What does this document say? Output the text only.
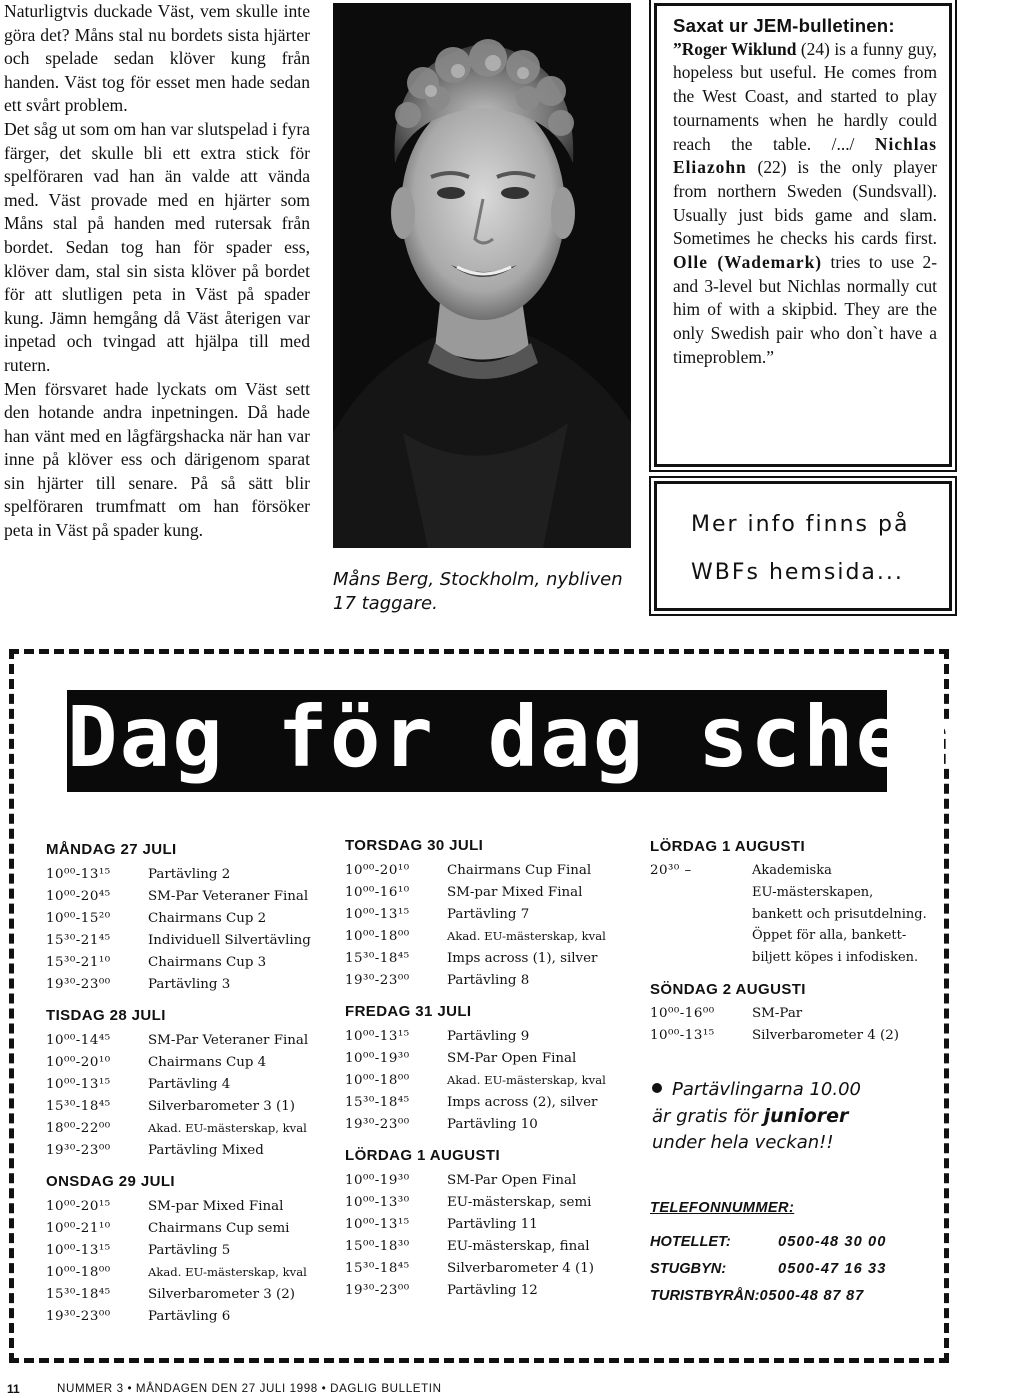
Naturligtvis duckade Väst, vem skulle inte göra det? Måns stal nu bordets sista hjärter och spelade sedan klöver kung från handen. Väst tog för esset men hade sedan ett svårt problem.

Det såg ut som om han var slutspelad i fyra färger, det skulle bli ett extra stick för spelföraren vad han än valde att vända med. Väst provade med en hjärter som Måns stal på handen med rutersak från bordet. Sedan tog han för spader ess, klöver dam, stal sin sista klöver på bordet för att slutligen peta in Väst på spader kung. Jämn hemgång då Väst återigen var inpetad och tvingad att hjälpa till med rutern.

Men försvaret hade lyckats om Väst sett den hotande andra inpetningen. Då hade han vänt med en lågfärgshacka när han var inne på klöver ess och därigenom sparat sin hjärter till senare. På så sätt blir spelföraren trumfmatt om han försöker peta in Väst på spader kung.

Måns Berg, Stockholm, nybliven 17 taggare.
Saxat ur JEM-bulletinen:
”Roger Wiklund (24) is a funny guy, hopeless but useful. He comes from the West Coast, and started to play tournaments when he hardly could reach the table. /.../ Nichlas Eliazohn (22) is the only player from northern Sweden (Sundsvall). Usually just bids game and slam. Sometimes he checks his cards first. Olle (Wademark) tries to use 2- and 3-level but Nichlas normally cut him of with a skipbid. They are the only Swedish pair who don`t have a timeproblem.”
Mer info finns på
WBFs hemsida...
Dag för dag schema
MÅNDAG 27 JULI
10⁰⁰-13¹⁵	Partävling 2
10⁰⁰-20⁴⁵	SM-Par Veteraner Final
10⁰⁰-15²⁰	Chairmans Cup 2
15³⁰-21⁴⁵	Individuell Silvertävling
15³⁰-21¹⁰	Chairmans Cup 3
19³⁰-23⁰⁰	Partävling 3
TISDAG 28 JULI
10⁰⁰-14⁴⁵	SM-Par Veteraner Final
10⁰⁰-20¹⁰	Chairmans Cup 4
10⁰⁰-13¹⁵	Partävling 4
15³⁰-18⁴⁵	Silverbarometer 3 (1)
18⁰⁰-22⁰⁰	Akad. EU-mästerskap, kval
19³⁰-23⁰⁰	Partävling Mixed
ONSDAG 29 JULI
10⁰⁰-20¹⁵	SM-par Mixed Final
10⁰⁰-21¹⁰	Chairmans Cup semi
10⁰⁰-13¹⁵	Partävling 5
10⁰⁰-18⁰⁰	Akad. EU-mästerskap, kval
15³⁰-18⁴⁵	Silverbarometer 3 (2)
19³⁰-23⁰⁰	Partävling 6
TORSDAG 30 JULI
10⁰⁰-20¹⁰	Chairmans Cup Final
10⁰⁰-16¹⁰	SM-par Mixed Final
10⁰⁰-13¹⁵	Partävling 7
10⁰⁰-18⁰⁰	Akad. EU-mästerskap, kval
15³⁰-18⁴⁵	Imps across (1), silver
19³⁰-23⁰⁰	Partävling 8
FREDAG 31 JULI
10⁰⁰-13¹⁵	Partävling 9
10⁰⁰-19³⁰	SM-Par Open Final
10⁰⁰-18⁰⁰	Akad. EU-mästerskap, kval
15³⁰-18⁴⁵	Imps across (2), silver
19³⁰-23⁰⁰	Partävling 10
LÖRDAG 1 AUGUSTI
10⁰⁰-19³⁰	SM-Par Open Final
10⁰⁰-13³⁰	EU-mästerskap, semi
10⁰⁰-13¹⁵	Partävling 11
15⁰⁰-18³⁰	EU-mästerskap, final
15³⁰-18⁴⁵	Silverbarometer 4 (1)
19³⁰-23⁰⁰	Partävling 12
LÖRDAG 1 AUGUSTI
20³⁰ –	Akademiska
EU-mästerskapen,
bankett och prisutdelning.
Öppet för alla, bankett-
biljett köpes i infodisken.
SÖNDAG 2 AUGUSTI
10⁰⁰-16⁰⁰	SM-Par
10⁰⁰-13¹⁵	Silverbarometer 4 (2)
Partävlingarna 10.00
är gratis för juniorer
under hela veckan!!
TELEFONNUMMER:
HOTELLET:	0500-48 30 00
STUGBYN:	0500-47 16 33
TURISTBYRÅN: 0500-48 87 87
11	NUMMER 3 • MÅNDAGEN DEN 27 JULI 1998 • DAGLIG BULLETIN
